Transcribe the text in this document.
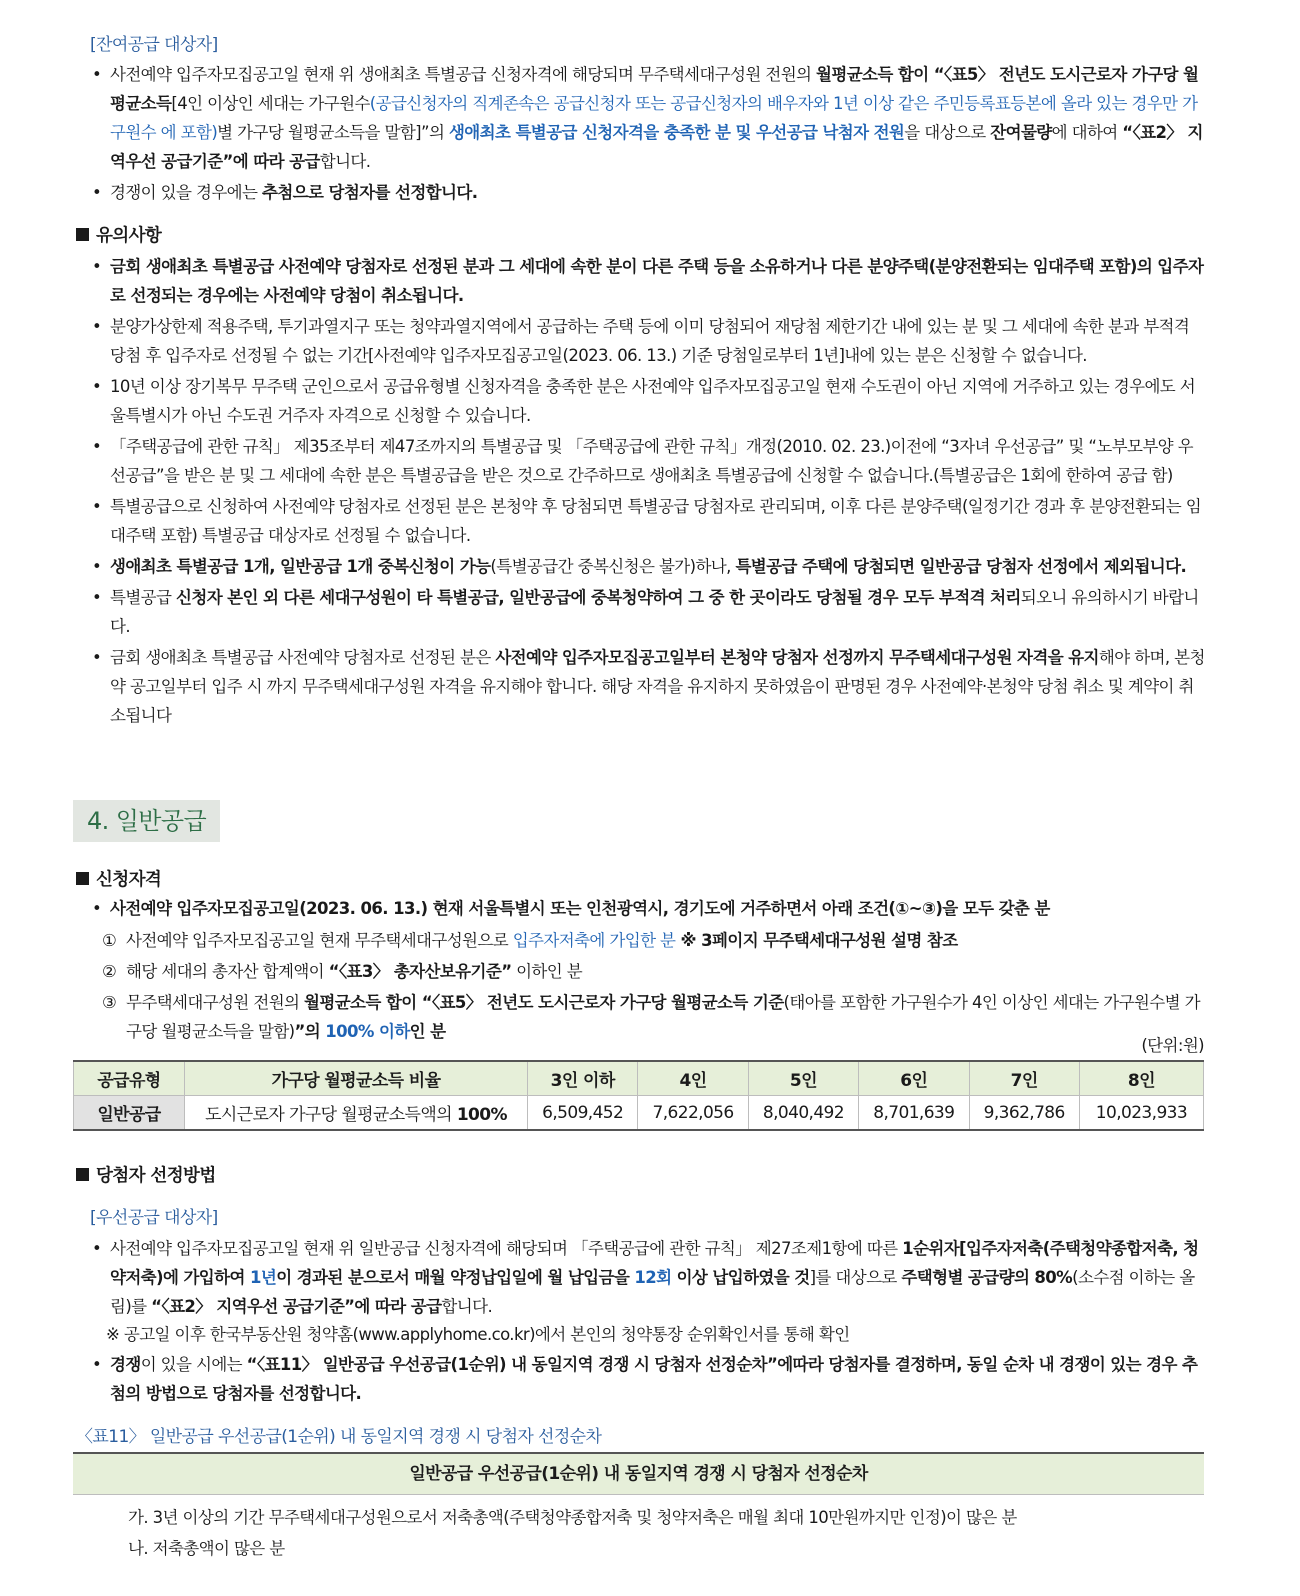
[잔여공급 대상자]
• 사전예약 입주자모집공고일 현재 위 생애최초 특별공급 신청자격에 해당되며 무주택세대구성원 전원의 월평균소득 합이 “〈표5〉 전년도 도시근로자 가구당 월평균소득[4인 이상인 세대는 가구원수(공급신청자의 직계존속은 공급신청자 또는 공급신청자의 배우자와 1년 이상 같은 주민등록표등본에 올라 있는 경우만 가구원수 에 포함)별 가구당 월평균소득을 말함]”의 생애최초 특별공급 신청자격을 충족한 분 및 우선공급 낙첨자 전원을 대상으로 잔여물량에 대하여 “〈표2〉 지역우선 공급기준”에 따라 공급합니다.
• 경쟁이 있을 경우에는 추첨으로 당첨자를 선정합니다.
유의사항
• 금회 생애최초 특별공급 사전예약 당첨자로 선정된 분과 그 세대에 속한 분이 다른 주택 등을 소유하거나 다른 분양주택(분양전환되는 임대주택 포함)의 입주자로 선정되는 경우에는 사전예약 당첨이 취소됩니다.
• 분양가상한제 적용주택, 투기과열지구 또는 청약과열지역에서 공급하는 주택 등에 이미 당첨되어 재당첨 제한기간 내에 있는 분 및 그 세대에 속한 분과 부적격 당첨 후 입주자로 선정될 수 없는 기간[사전예약 입주자모집공고일(2023. 06. 13.) 기준 당첨일로부터 1년]내에 있는 분은 신청할 수 없습니다.
• 10년 이상 장기복무 무주택 군인으로서 공급유형별 신청자격을 충족한 분은 사전예약 입주자모집공고일 현재 수도권이 아닌 지역에 거주하고 있는 경우에도 서울특별시가 아닌 수도권 거주자 자격으로 신청할 수 있습니다.
• 「주택공급에 관한 규칙」 제35조부터 제47조까지의 특별공급 및 「주택공급에 관한 규칙」개정(2010. 02. 23.)이전에 “3자녀 우선공급” 및 “노부모부양 우선공급”을 받은 분 및 그 세대에 속한 분은 특별공급을 받은 것으로 간주하므로 생애최초 특별공급에 신청할 수 없습니다.(특별공급은 1회에 한하여 공급 함)
• 특별공급으로 신청하여 사전예약 당첨자로 선정된 분은 본청약 후 당첨되면 특별공급 당첨자로 관리되며, 이후 다른 분양주택(일정기간 경과 후 분양전환되는 임대주택 포함) 특별공급 대상자로 선정될 수 없습니다.
• 생애최초 특별공급 1개, 일반공급 1개 중복신청이 가능(특별공급간 중복신청은 불가)하나, 특별공급 주택에 당첨되면 일반공급 당첨자 선정에서 제외됩니다.
• 특별공급 신청자 본인 외 다른 세대구성원이 타 특별공급, 일반공급에 중복청약하여 그 중 한 곳이라도 당첨될 경우 모두 부적격 처리되오니 유의하시기 바랍니다.
• 금회 생애최초 특별공급 사전예약 당첨자로 선정된 분은 사전예약 입주자모집공고일부터 본청약 당첨자 선정까지 무주택세대구성원 자격을 유지해야 하며, 본청약 공고일부터 입주 시 까지 무주택세대구성원 자격을 유지해야 합니다. 해당 자격을 유지하지 못하였음이 판명된 경우 사전예약·본청약 당첨 취소 및 계약이 취소됩니다
4. 일반공급
신청자격
• 사전예약 입주자모집공고일(2023. 06. 13.) 현재 서울특별시 또는 인천광역시, 경기도에 거주하면서 아래 조건(①~③)을 모두 갖춘 분
① 사전예약 입주자모집공고일 현재 무주택세대구성원으로 입주자저축에 가입한 분 ※ 3페이지 무주택세대구성원 설명 참조
② 해당 세대의 총자산 합계액이 “〈표3〉 총자산보유기준” 이하인 분
③ 무주택세대구성원 전원의 월평균소득 합이 “〈표5〉 전년도 도시근로자 가구당 월평균소득 기준(태아를 포함한 가구원수가 4인 이상인 세대는 가구원수별 가구당 월평균소득을 말함)”의 100% 이하인 분
(단위:원)
공급유형	가구당 월평균소득 비율	3인 이하	4인	5인	6인	7인	8인
일반공급	도시근로자 가구당 월평균소득액의 100%	6,509,452	7,622,056	8,040,492	8,701,639	9,362,786	10,023,933
당첨자 선정방법
[우선공급 대상자]
• 사전예약 입주자모집공고일 현재 위 일반공급 신청자격에 해당되며 「주택공급에 관한 규칙」 제27조제1항에 따른 1순위자[입주자저축(주택청약종합저축, 청약저축)에 가입하여 1년이 경과된 분으로서 매월 약정납입일에 월 납입금을 12회 이상 납입하였을 것]를 대상으로 주택형별 공급량의 80%(소수점 이하는 올림)를 “〈표2〉 지역우선 공급기준”에 따라 공급합니다.
※ 공고일 이후 한국부동산원 청약홈(www.applyhome.co.kr)에서 본인의 청약통장 순위확인서를 통해 확인
• 경쟁이 있을 시에는 “〈표11〉 일반공급 우선공급(1순위) 내 동일지역 경쟁 시 당첨자 선정순차”에따라 당첨자를 결정하며, 동일 순차 내 경쟁이 있는 경우 추첨의 방법으로 당첨자를 선정합니다.
〈표11〉 일반공급 우선공급(1순위) 내 동일지역 경쟁 시 당첨자 선정순차
일반공급 우선공급(1순위) 내 동일지역 경쟁 시 당첨자 선정순차
가. 3년 이상의 기간 무주택세대구성원으로서 저축총액(주택청약종합저축 및 청약저축은 매월 최대 10만원까지만 인정)이 많은 분
나. 저축총액이 많은 분
